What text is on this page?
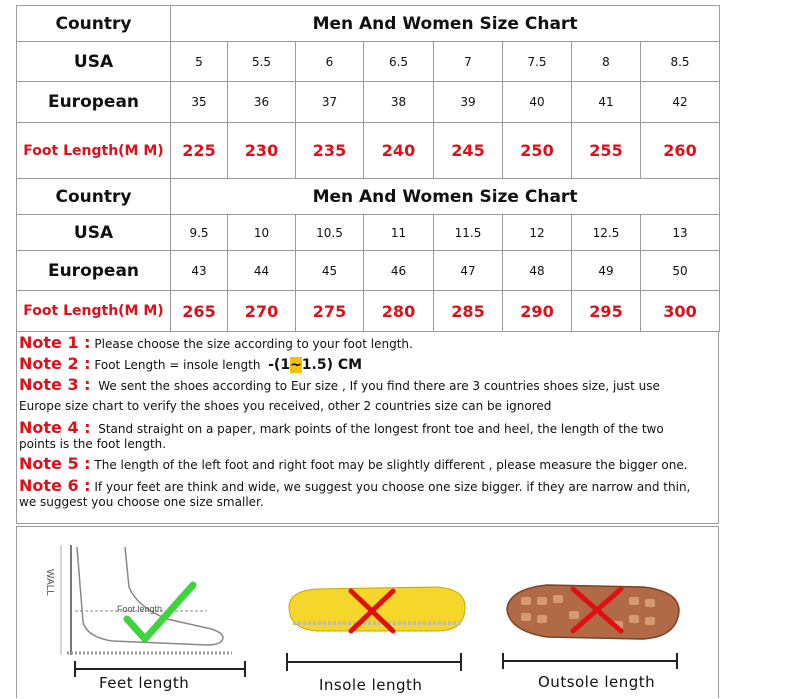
Country	Men And Women Size Chart							
USA	5	5.5	6	6.5	7	7.5	8	8.5
European	35	36	37	38	39	40	41	42
Foot Length(M M)	225	230	235	240	245	250	255	260
Country	Men And Women Size Chart							
USA	9.5	10	10.5	11	11.5	12	12.5	13
European	43	44	45	46	47	48	49	50
Foot Length(M M)	265	270	275	280	285	290	295	300

Note 1 : Please choose the size according to your foot length.

Note 2 : Foot Length = insole length -(1~1.5) CM

Note 3 : We sent the shoes according to Eur size , If you find there are 3 countries shoes size, just use

Europe size chart to verify the shoes you received, other 2 countries size can be ignored

Note 4 : Stand straight on a paper, mark points of the longest front toe and heel, the length of the two

points is the foot length.

Note 5 : The length of the left foot and right foot may be slightly different , please measure the bigger one.

Note 6 : If your feet are think and wide, we suggest you choose one size bigger. if they are narrow and thin,

we suggest you choose one size smaller.

WALL
Foot length
Feet length	Insole length	Outsole length
